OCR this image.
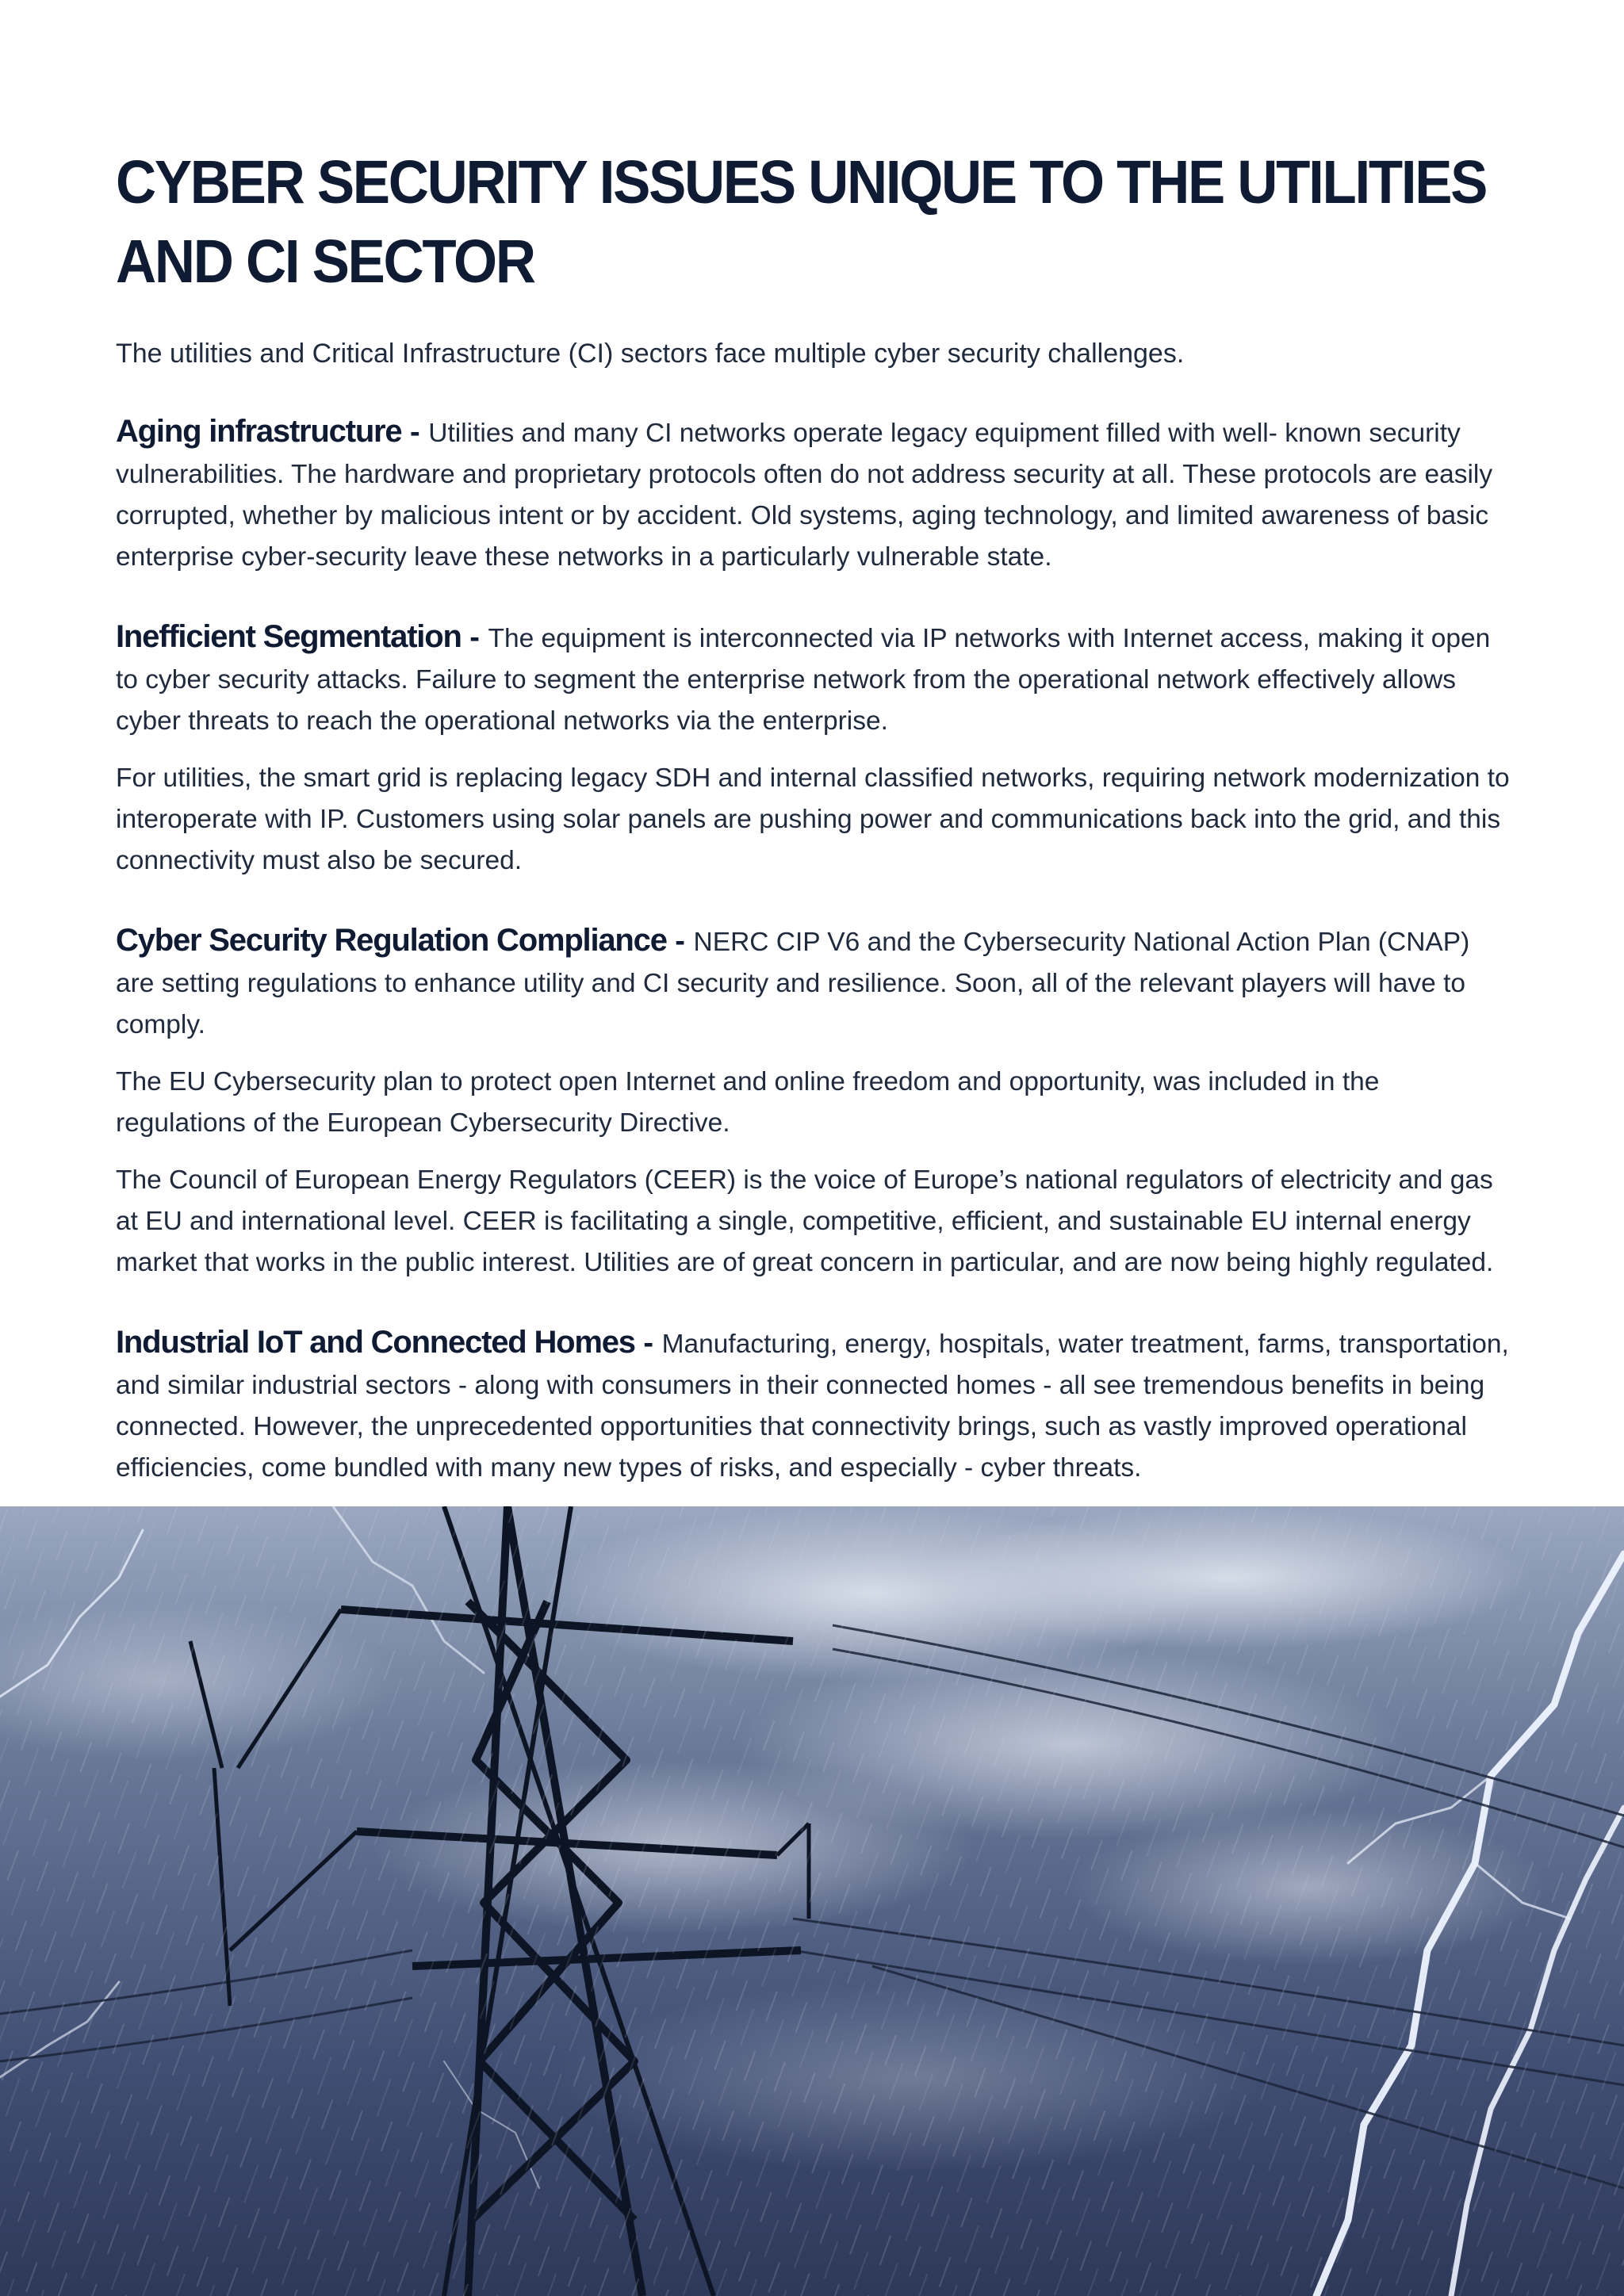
CYBER SECURITY ISSUES UNIQUE TO THE UTILITIES
AND CI SECTOR

The utilities and Critical Infrastructure (CI) sectors face multiple cyber security challenges.

Aging infrastructure - Utilities and many CI networks operate legacy equipment filled with well- known security vulnerabilities. The hardware and proprietary protocols often do not address security at all. These protocols are easily corrupted, whether by malicious intent or by accident. Old systems, aging technology, and limited awareness of basic enterprise cyber-security leave these networks in a particularly vulnerable state.

Inefficient Segmentation - The equipment is interconnected via IP networks with Internet access, making it open to cyber security attacks. Failure to segment the enterprise network from the operational network effectively allows cyber threats to reach the operational networks via the enterprise.

For utilities, the smart grid is replacing legacy SDH and internal classified networks, requiring network modernization to interoperate with IP. Customers using solar panels are pushing power and communications back into the grid, and this connectivity must also be secured.

Cyber Security Regulation Compliance - NERC CIP V6 and the Cybersecurity National Action Plan (CNAP) are setting regulations to enhance utility and CI security and resilience. Soon, all of the relevant players will have to comply.

The EU Cybersecurity plan to protect open Internet and online freedom and opportunity, was included in the regulations of the European Cybersecurity Directive.

The Council of European Energy Regulators (CEER) is the voice of Europe’s national regulators of electricity and gas at EU and international level. CEER is facilitating a single, competitive, efficient, and sustainable EU internal energy market that works in the public interest. Utilities are of great concern in particular, and are now being highly regulated.

Industrial IoT and Connected Homes - Manufacturing, energy, hospitals, water treatment, farms, transportation, and similar industrial sectors - along with consumers in their connected homes - all see tremendous benefits in being connected. However, the unprecedented opportunities that connectivity brings, such as vastly improved operational efficiencies, come bundled with many new types of risks, and especially - cyber threats.
